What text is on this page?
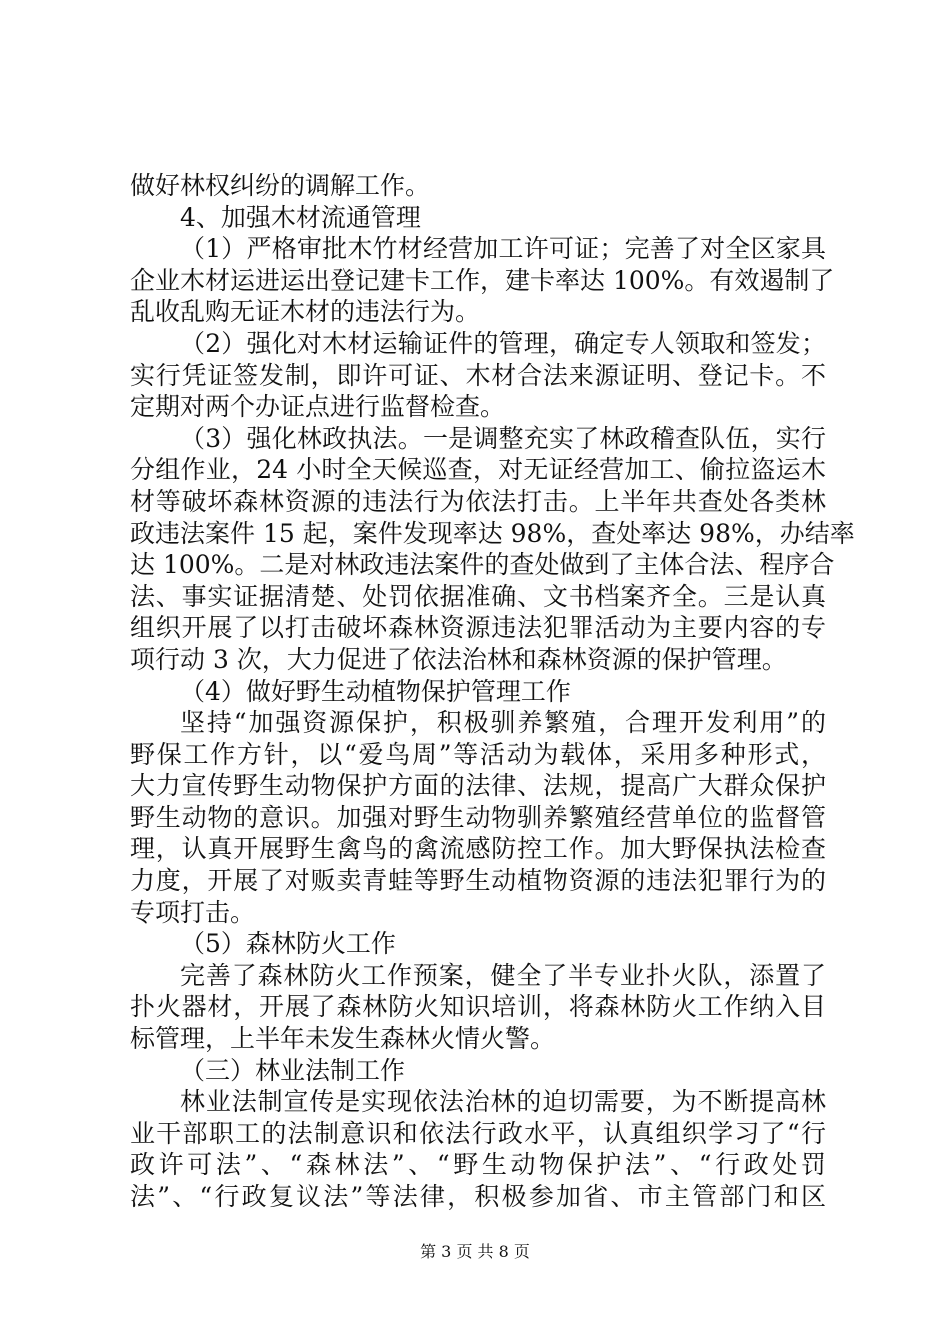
做好林权纠纷的调解工作。
4、加强木材流通管理
（1）严格审批木竹材经营加工许可证；完善了对全区家具
企业木材运进运出登记建卡工作，建卡率达 100%。有效遏制了
乱收乱购无证木材的违法行为。
（2）强化对木材运输证件的管理，确定专人领取和签发；
实行凭证签发制，即许可证、木材合法来源证明、登记卡。不
定期对两个办证点进行监督检查。
（3）强化林政执法。一是调整充实了林政稽查队伍，实行
分组作业，24 小时全天候巡查，对无证经营加工、偷拉盗运木
材等破坏森林资源的违法行为依法打击。上半年共查处各类林
政违法案件 15 起，案件发现率达 98%，查处率达 98%，办结率
达 100%。二是对林政违法案件的查处做到了主体合法、程序合
法、事实证据清楚、处罚依据准确、文书档案齐全。三是认真
组织开展了以打击破坏森林资源违法犯罪活动为主要内容的专
项行动 3 次，大力促进了依法治林和森林资源的保护管理。
（4）做好野生动植物保护管理工作
坚持“加强资源保护，积极驯养繁殖，合理开发利用”的
野保工作方针，以“爱鸟周”等活动为载体，采用多种形式，
大力宣传野生动物保护方面的法律、法规，提高广大群众保护
野生动物的意识。加强对野生动物驯养繁殖经营单位的监督管
理，认真开展野生禽鸟的禽流感防控工作。加大野保执法检查
力度，开展了对贩卖青蛙等野生动植物资源的违法犯罪行为的
专项打击。
（5）森林防火工作
完善了森林防火工作预案，健全了半专业扑火队，添置了
扑火器材，开展了森林防火知识培训，将森林防火工作纳入目
标管理，上半年未发生森林火情火警。
（三）林业法制工作
林业法制宣传是实现依法治林的迫切需要，为不断提高林
业干部职工的法制意识和依法行政水平，认真组织学习了“行
政许可法”、“森林法”、“野生动物保护法”、“行政处罚
法”、“行政复议法”等法律，积极参加省、市主管部门和区
第 3 页 共 8 页
